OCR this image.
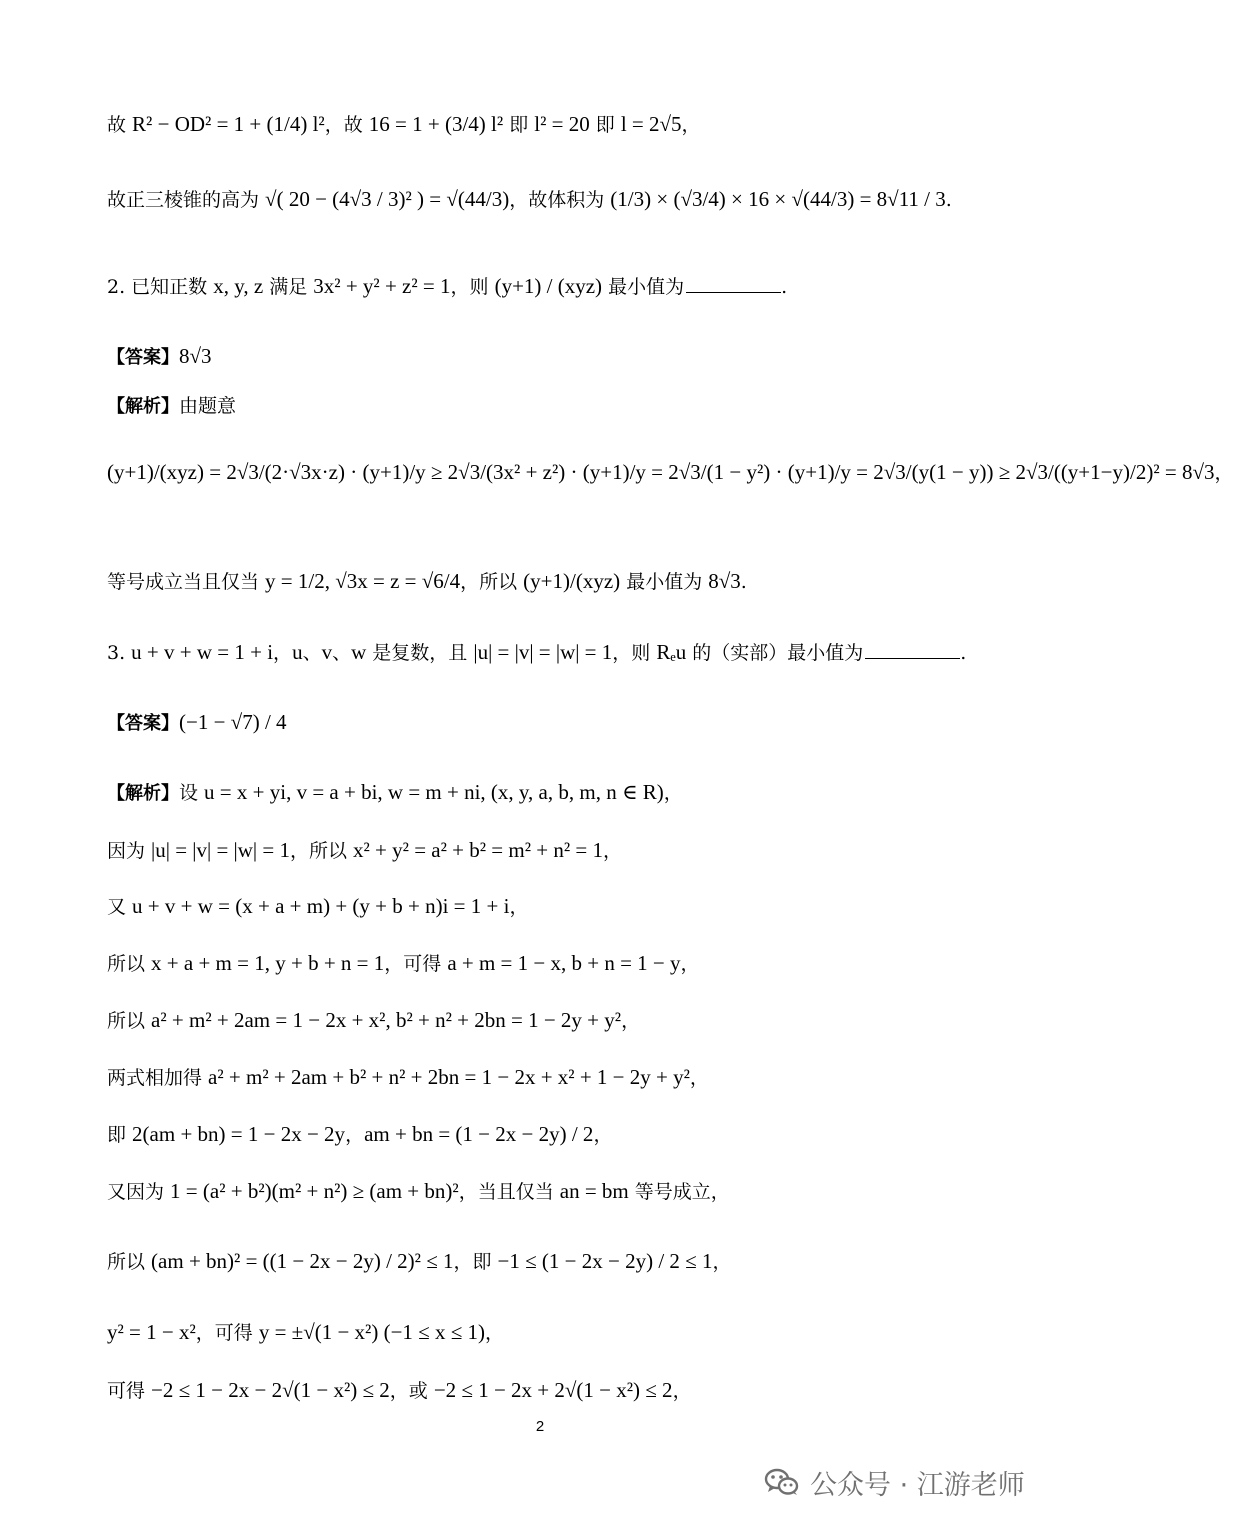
故 R² − OD² = 1 + (1/4) l²，故 16 = 1 + (3/4) l² 即 l² = 20 即 l = 2√5，
故正三棱锥的高为 √( 20 − (4√3 / 3)² ) = √(44/3)，故体积为 (1/3) × (√3/4) × 16 × √(44/3) = 8√11 / 3.
2. 已知正数 x, y, z 满足 3x² + y² + z² = 1，则 (y+1) / (xyz) 最小值为	.
【答案】8√3
【解析】由题意
(y+1)/(xyz) = 2√3/(2·√3x·z) · (y+1)/y ≥ 2√3/(3x² + z²) · (y+1)/y = 2√3/(1 − y²) · (y+1)/y = 2√3/(y(1 − y)) ≥ 2√3/((y+1−y)/2)² = 8√3，
等号成立当且仅当 y = 1/2, √3x = z = √6/4，所以 (y+1)/(xyz) 最小值为 8√3.
3. u + v + w = 1 + i，u、v、w 是复数，且 |u| = |v| = |w| = 1，则 Rₑu 的（实部）最小值为	.
【答案】(−1 − √7) / 4
【解析】设 u = x + yi, v = a + bi, w = m + ni, (x, y, a, b, m, n ∈ R)，
因为 |u| = |v| = |w| = 1，所以 x² + y² = a² + b² = m² + n² = 1，
又 u + v + w = (x + a + m) + (y + b + n)i = 1 + i，
所以 x + a + m = 1, y + b + n = 1，可得 a + m = 1 − x, b + n = 1 − y，
所以 a² + m² + 2am = 1 − 2x + x², b² + n² + 2bn = 1 − 2y + y²，
两式相加得 a² + m² + 2am + b² + n² + 2bn = 1 − 2x + x² + 1 − 2y + y²，
即 2(am + bn) = 1 − 2x − 2y，am + bn = (1 − 2x − 2y) / 2，
又因为 1 = (a² + b²)(m² + n²) ≥ (am + bn)²，当且仅当 an = bm 等号成立，
所以 (am + bn)² = ((1 − 2x − 2y) / 2)² ≤ 1，即 −1 ≤ (1 − 2x − 2y) / 2 ≤ 1，
y² = 1 − x²，可得 y = ±√(1 − x²) (−1 ≤ x ≤ 1)，
可得 −2 ≤ 1 − 2x − 2√(1 − x²) ≤ 2，或 −2 ≤ 1 − 2x + 2√(1 − x²) ≤ 2，
2
公众号 · 江游老师
